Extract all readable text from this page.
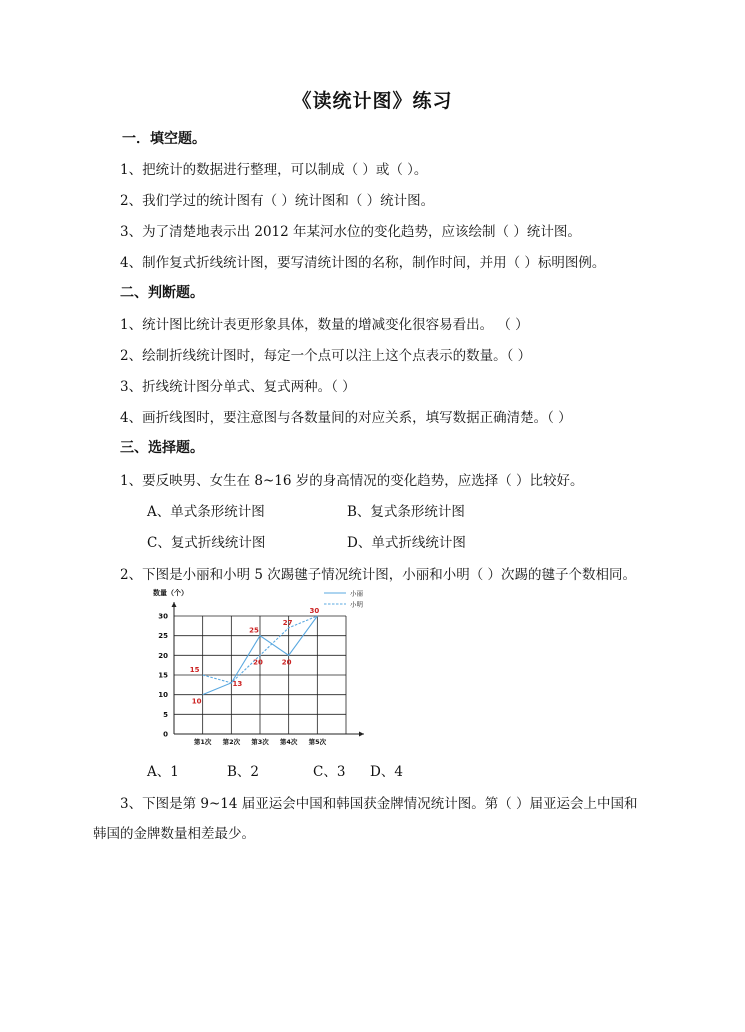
《读统计图》练习
一．填空题。
1、把统计的数据进行整理，可以制成（ ）或（ ）。
2、我们学过的统计图有（ ）统计图和（ ）统计图。
3、为了清楚地表示出 2012 年某河水位的变化趋势，应该绘制（ ）统计图。
4、制作复式折线统计图，要写清统计图的名称，制作时间，并用（ ）标明图例。
二、判断题。
1、统计图比统计表更形象具体，数量的增减变化很容易看出。 （ ）
2、绘制折线统计图时，每定一个点可以注上这个点表示的数量。（ ）
3、折线统计图分单式、复式两种。（ ）
4、画折线图时，要注意图与各数量间的对应关系，填写数据正确清楚。（ ）
三、选择题。
1、要反映男、女生在 8~16 岁的身高情况的变化趋势，应选择（ ）比较好。
A、单式条形统计图	B、复式条形统计图
C、复式折线统计图	D、单式折线统计图
2、下图是小丽和小明 5 次踢毽子情况统计图，小丽和小明（ ）次踢的毽子个数相同。
数量（个）
0
5
10
15
20
25
30
第1次 第2次 第3次 第4次 第5次
15
10
13
25
20
27
20
30
小丽
小明
A、1	B、2	C、3 D、4
3、下图是第 9~14 届亚运会中国和韩国获金牌情况统计图。第（ ）届亚运会上中国和
韩国的金牌数量相差最少。
